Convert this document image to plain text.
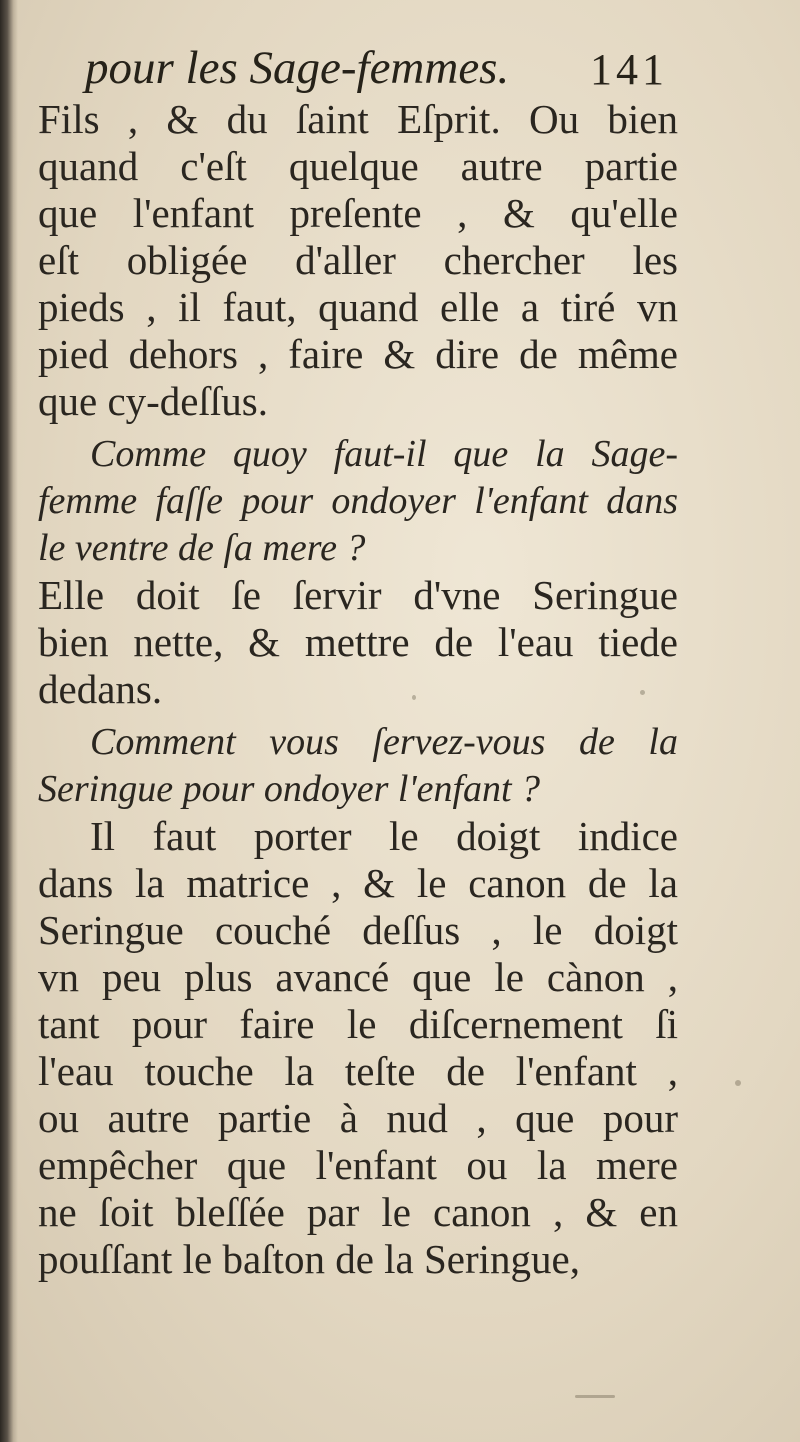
pour les Sage-femmes.	141
Fils , & du ſaint Eſprit. Ou bien
quand c'eſt quelque autre partie
que l'enfant preſente , & qu'elle
eſt obligée d'aller chercher les
pieds , il faut, quand elle a tiré vn
pied dehors , faire & dire de même
que cy-deſſus.
Comme quoy faut-il que la Sage-
femme faſſe pour ondoyer l'enfant dans
le ventre de ſa mere ?
Elle doit ſe ſervir d'vne Seringue
bien nette, & mettre de l'eau tiede
dedans.
Comment vous ſervez-vous de la
Seringue pour ondoyer l'enfant ?
Il faut porter le doigt indice
dans la matrice , & le canon de la
Seringue couché deſſus , le doigt
vn peu plus avancé que le cànon ,
tant pour faire le diſcernement ſi
l'eau touche la teſte de l'enfant ,
ou autre partie à nud , que pour
empêcher que l'enfant ou la mere
ne ſoit bleſſée par le canon , & en
pouſſant le baſton de la Seringue,
